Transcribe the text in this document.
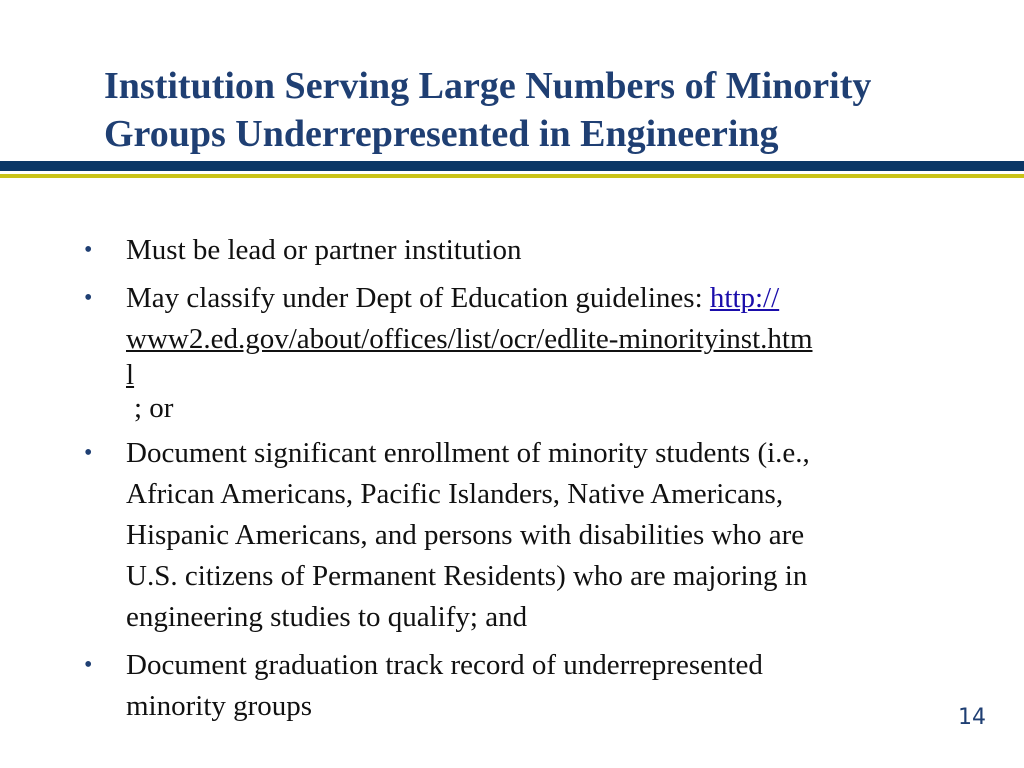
Institution Serving Large Numbers of Minority
Groups Underrepresented in Engineering
• Must be lead or partner institution
• May classify under Dept of Education guidelines: http://
www2.ed.gov/about/offices/list/ocr/edlite-minorityinst.htm
l
; or
• Document significant enrollment of minority students (i.e.,
African Americans, Pacific Islanders, Native Americans,
Hispanic Americans, and persons with disabilities who are
U.S. citizens of Permanent Residents) who are majoring in
engineering studies to qualify; and
• Document graduation track record of underrepresented
minority groups	14
